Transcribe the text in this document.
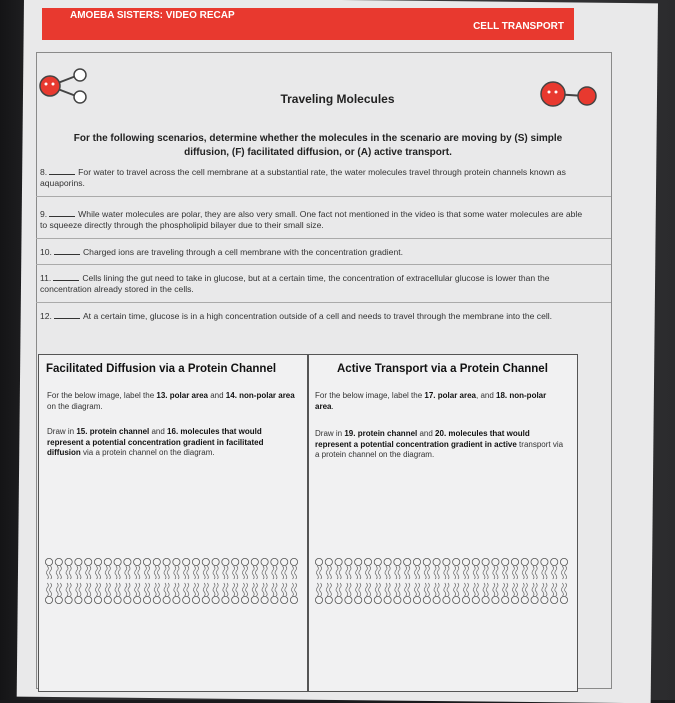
AMOEBA SISTERS: VIDEO RECAP
CELL TRANSPORT
Traveling Molecules
For the following scenarios, determine whether the molecules in the scenario are moving by (S) simple diffusion, (F) facilitated diffusion, or (A) active transport.
8.	For water to travel across the cell membrane at a substantial rate, the water molecules travel through protein channels known as aquaporins.
9.	While water molecules are polar, they are also very small. One fact not mentioned in the video is that some water molecules are able to squeeze directly through the phospholipid bilayer due to their small size.
10.	Charged ions are traveling through a cell membrane with the concentration gradient.
11.	Cells lining the gut need to take in glucose, but at a certain time, the concentration of extracellular glucose is lower than the concentration already stored in the cells.
12.	At a certain time, glucose is in a high concentration outside of a cell and needs to travel through the membrane into the cell.
Facilitated Diffusion via a Protein Channel
For the below image, label the 13. polar area and 14. non-polar area on the diagram.
Draw in 15. protein channel and 16. molecules that would represent a potential concentration gradient in facilitated diffusion via a protein channel on the diagram.
Active Transport via a Protein Channel
For the below image, label the 17. polar area, and 18. non-polar area.
Draw in 19. protein channel and 20. molecules that would represent a potential concentration gradient in active transport via a protein channel on the diagram.
